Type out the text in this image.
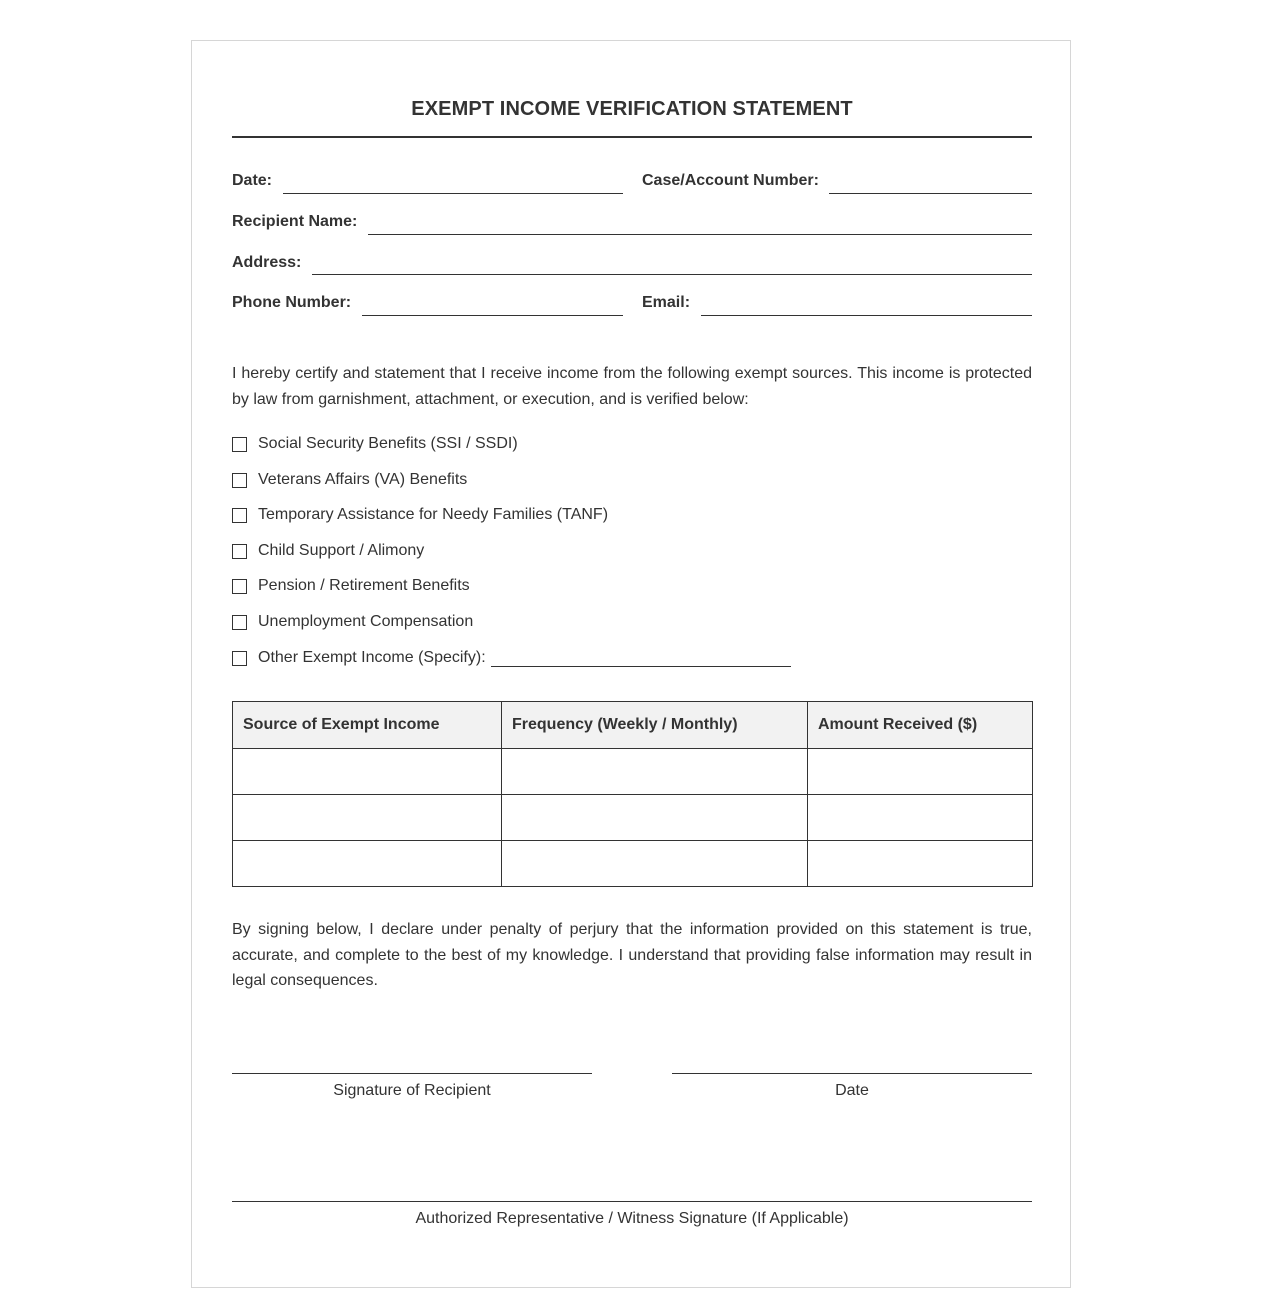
EXEMPT INCOME VERIFICATION STATEMENT
Date:	Case/Account Number:
Recipient Name:
Address:
Phone Number:	Email:
I hereby certify and statement that I receive income from the following exempt sources. This income is protected by law from garnishment, attachment, or execution, and is verified below:
Social Security Benefits (SSI / SSDI)
Veterans Affairs (VA) Benefits
Temporary Assistance for Needy Families (TANF)
Child Support / Alimony
Pension / Retirement Benefits
Unemployment Compensation
Other Exempt Income (Specify):
Source of Exempt Income	Frequency (Weekly / Monthly)	Amount Received ($)

By signing below, I declare under penalty of perjury that the information provided on this statement is true, accurate, and complete to the best of my knowledge. I understand that providing false information may result in legal consequences.
Signature of Recipient	Date
Authorized Representative / Witness Signature (If Applicable)
